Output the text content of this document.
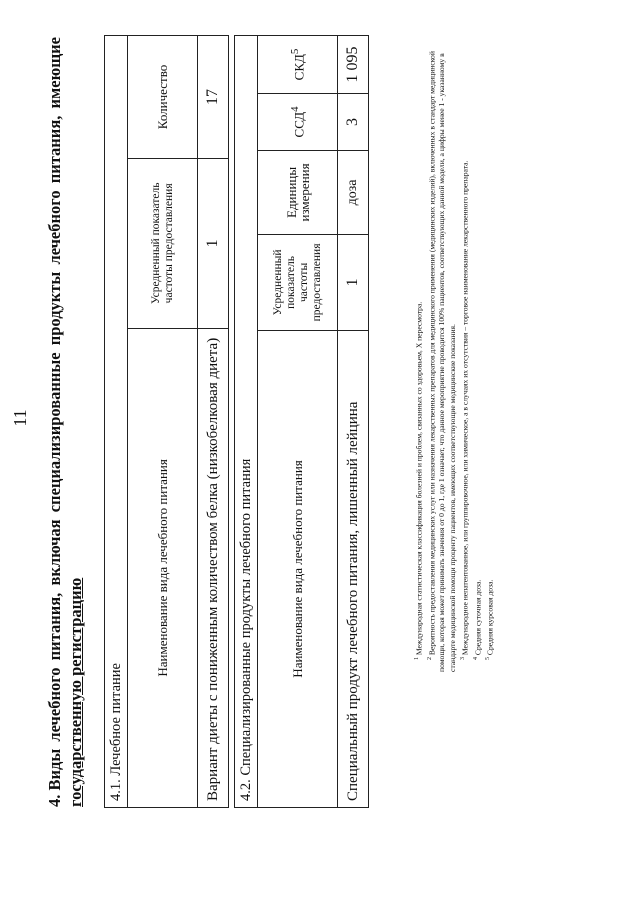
11
4. Виды
лечебного
питания,
включая
специализированные
продукты
лечебного
питания,
имеющие
государственную регистрацию 4.1. Лечебное питание		
Наименование вида лечебного питания	Усредненный показатель частоты предоставления	Количество
Вариант диеты с пониженным количеством белка (низкобелковая диета)	1	17
4.2. Специализированные продукты лечебного питания				
Наименование вида лечебного питания	Усредненный показатель частоты предоставления	Единицы измерения	ССД$^4$	СКД$^5$
Специальный продукт лечебного питания, лишенный лейцина	1	доза	3	1 095

$^1$ Международная статистическая классификация болезней и проблем, связанных со здоровьем, X пересмотра.

$^2$ Вероятность предоставления медицинских услуг или назначения лекарственных препаратов для медицинского применения (медицинских изделий), включенных в стандарт медицинской помощи, которая может принимать значения от 0 до 1, где 1 означает, что данное мероприятие проводится 100% пациентов, соответствующих данной модели, а цифры менее 1 - указанному в стандарте медицинской помощи проценту пациентов, имеющих соответствующие медицинские показания. $^3$ Международное непатентованное, или группировочное, или химическое, а в случаях их отсутствия – торговое наименование лекарственного препарата.

$^4$ Средняя суточная доза.

$^5$ Средняя курсовая доза.
